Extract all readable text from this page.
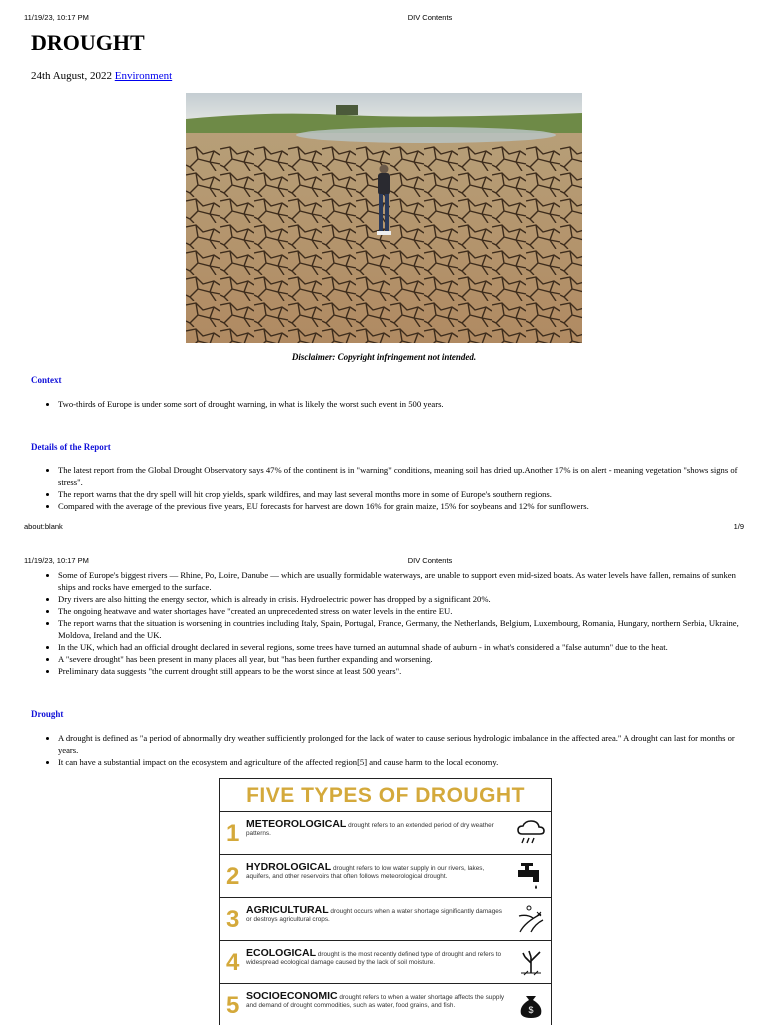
11/19/23, 10:17 PM	DIV Contents
DROUGHT
24th August, 2022 Environment
Disclaimer: Copyright infringement not intended.
Context
• Two-thirds of Europe is under some sort of drought warning, in what is likely the worst such event in 500 years.
Details of the Report
• The latest report from the Global Drought Observatory says 47% of the continent is in "warning" conditions, meaning soil has dried up.Another 17% is on alert - meaning vegetation "shows signs of stress".
• The report warns that the dry spell will hit crop yields, spark wildfires, and may last several months more in some of Europe's southern regions.
• Compared with the average of the previous five years, EU forecasts for harvest are down 16% for grain maize, 15% for soybeans and 12% for sunflowers.
about:blank	1/9
11/19/23, 10:17 PM	DIV Contents
• Some of Europe's biggest rivers — Rhine, Po, Loire, Danube — which are usually formidable waterways, are unable to support even mid-sized boats. As water levels have fallen, remains of sunken ships and rocks have emerged to the surface.
• Dry rivers are also hitting the energy sector, which is already in crisis. Hydroelectric power has dropped by a significant 20%.
• The ongoing heatwave and water shortages have "created an unprecedented stress on water levels in the entire EU.
• The report warns that the situation is worsening in countries including Italy, Spain, Portugal, France, Germany, the Netherlands, Belgium, Luxembourg, Romania, Hungary, northern Serbia, Ukraine, Moldova, Ireland and the UK.
• In the UK, which had an official drought declared in several regions, some trees have turned an autumnal shade of auburn - in what's considered a "false autumn" due to the heat.
• A "severe drought" has been present in many places all year, but "has been further expanding and worsening.
• Preliminary data suggests "the current drought still appears to be the worst since at least 500 years".
Drought
• A drought is defined as "a period of abnormally dry weather sufficiently prolonged for the lack of water to cause serious hydrologic imbalance in the affected area." A drought can last for months or years.
• It can have a substantial impact on the ecosystem and agriculture of the affected region[5] and cause harm to the local economy.
FIVE TYPES OF DROUGHT
1 METEOROLOGICAL drought refers to an extended period of dry weather patterns.
2 HYDROLOGICAL drought refers to low water supply in our rivers, lakes, aquifers, and other reservoirs that often follows meteorological drought.
3 AGRICULTURAL drought occurs when a water shortage significantly damages or destroys agricultural crops.
4 ECOLOGICAL drought is the most recently defined type of drought and refers to widespread ecological damage caused by the lack of soil moisture.
5 SOCIOECONOMIC drought refers to when a water shortage affects the supply and demand of drought commodities, such as water, food grains, and fish.	$
